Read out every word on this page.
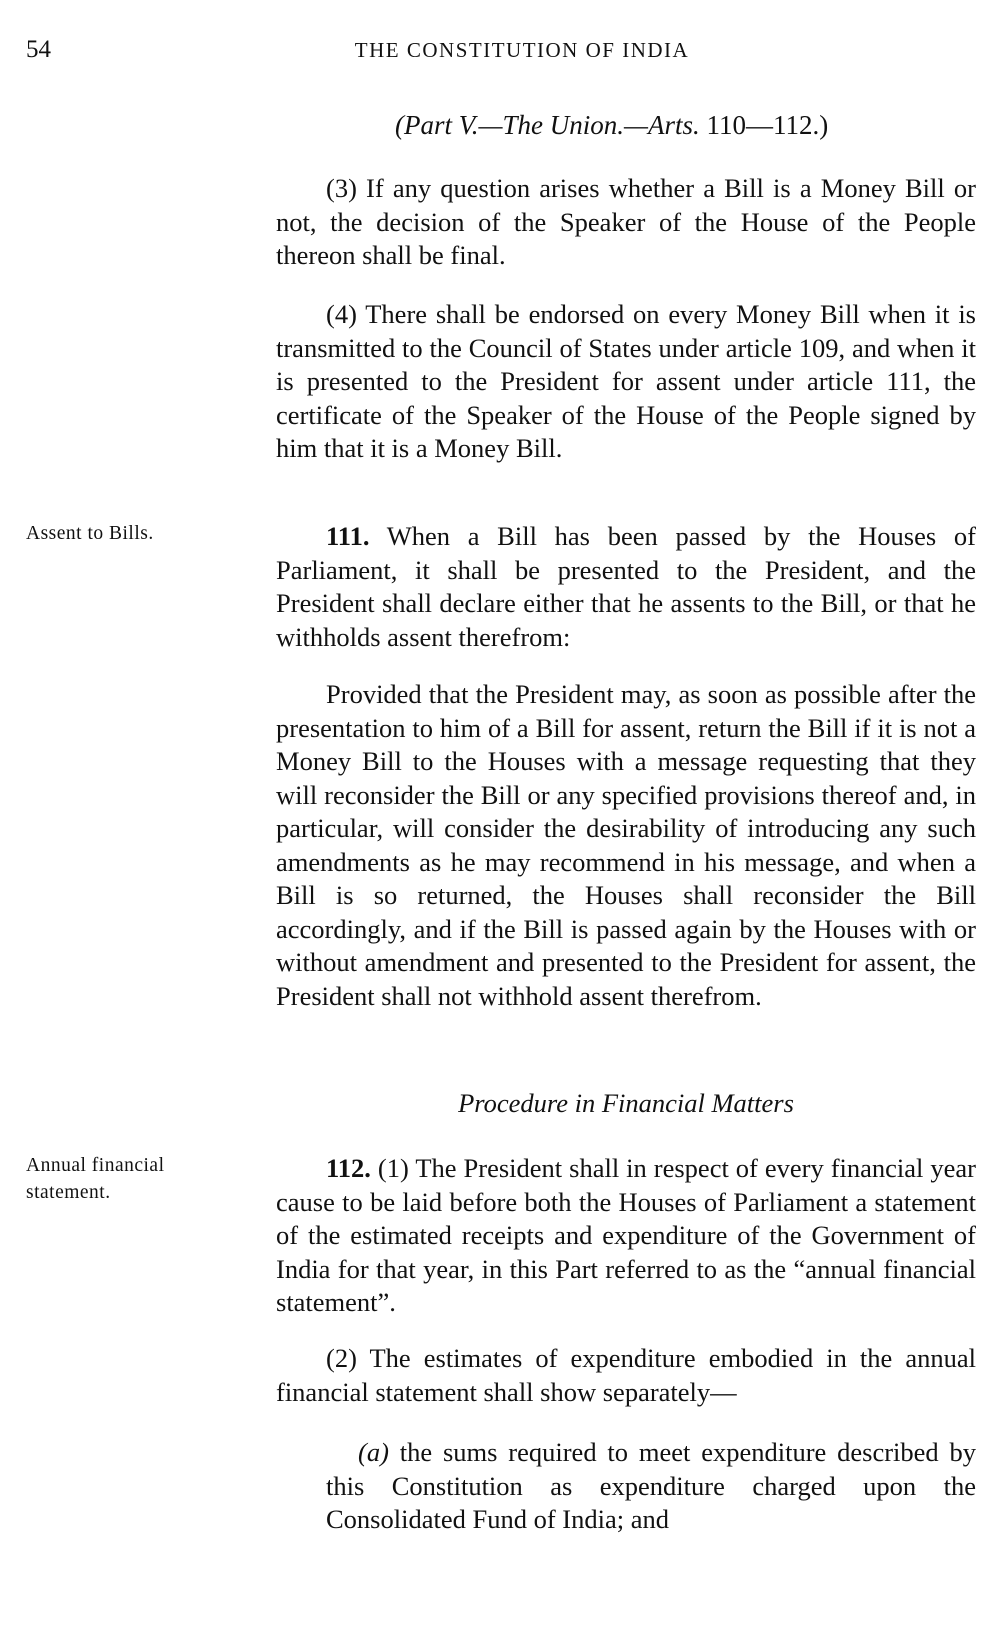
54	THE CONSTITUTION OF INDIA
(Part V.—The Union.—Arts. 110—112.)

(3) If any question arises whether a Bill is a Money Bill or not, the decision of the Speaker of the House of the People thereon shall be final.

(4) There shall be endorsed on every Money Bill when it is transmitted to the Council of States under article 109, and when it is presented to the President for assent under article 111, the certificate of the Speaker of the House of the People signed by him that it is a Money Bill.

Assent to Bills.	111. When a Bill has been passed by the Houses of Parliament, it shall be presented to the President, and the President shall declare either that he assents to the Bill, or that he withholds assent therefrom:

Provided that the President may, as soon as possible after the presentation to him of a Bill for assent, return the Bill if it is not a Money Bill to the Houses with a message requesting that they will reconsider the Bill or any specified provisions thereof and, in particular, will consider the desirability of introducing any such amendments as he may recommend in his message, and when a Bill is so returned, the Houses shall reconsider the Bill accordingly, and if the Bill is passed again by the Houses with or without amendment and presented to the President for assent, the President shall not withhold assent therefrom.

Procedure in Financial Matters
Annual financial statement.

112. (1) The President shall in respect of every financial year cause to be laid before both the Houses of Parliament a statement of the estimated receipts and expenditure of the Government of India for that year, in this Part referred to as the “annual financial statement”.

(2) The estimates of expenditure embodied in the annual financial statement shall show separately—

(a) the sums required to meet expenditure described by this Constitution as expenditure charged upon the Consolidated Fund of India; and
